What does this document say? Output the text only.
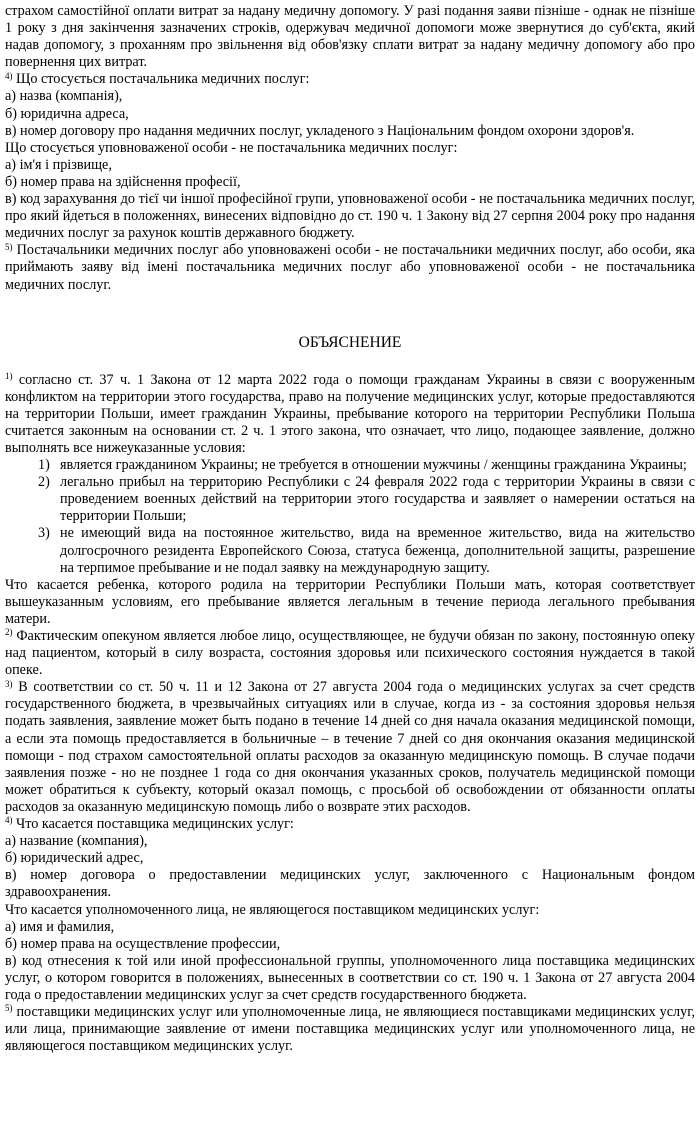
страхом самостійної оплати витрат за надану медичну допомогу. У разі подання заяви пізніше - однак не пізніше 1 року з дня закінчення зазначених строків, одержувач медичної допомоги може звернутися до суб'єкта, який надав допомогу, з проханням про звільнення від обов'язку сплати витрат за надану медичну допомогу або про повернення цих витрат.

$^{4)}$ Що стосується постачальника медичних послуг:

а) назва (компанія),

б) юридична адреса,

в) номер договору про надання медичних послуг, укладеного з Національним фондом охорони здоров'я.

Що стосується уповноваженої особи - не постачальника медичних послуг:

а) ім'я і прізвище,

б) номер права на здійснення професії,

в) код зарахування до тієї чи іншої професійної групи, уповноваженої особи - не постачальника медичних послуг, про який йдеться в положеннях, винесених відповідно до ст. 190 ч. 1 Закону від 27 серпня 2004 року про надання медичних послуг за рахунок коштів державного бюджету.

$^{5)}$ Постачальники медичних послуг або уповноважені особи - не постачальники медичних послуг, або особи, яка приймають заяву від імені постачальника медичних послуг або уповноваженої особи - не постачальника медичних послуг.

ОБЪЯСНЕНИЕ

$^{1)}$ согласно ст. 37 ч. 1 Закона от 12 марта 2022 года о помощи гражданам Украины в связи с вооруженным конфликтом на территории этого государства, право на получение медицинских услуг, которые предоставляются на территории Польши, имеет гражданин Украины, пребывание которого на территории Республики Польша считается законным на основании ст. 2 ч. 1 этого закона, что означает, что лицо, подающее заявление, должно выполнять все нижеуказанные условия:

1) является гражданином Украины; не требуется в отношении мужчины / женщины гражданина Украины;
2) легально прибыл на территорию Республики с 24 февраля 2022 года с территории Украины в связи с проведением военных действий на территории этого государства и заявляет о намерении остаться на территории Польши;
3) не имеющий вида на постоянное жительство, вида на временное жительство, вида на жительство долгосрочного резидента Европейского Союза, статуса беженца, дополнительной защиты, разрешение на терпимое пребывание и не подал заявку на международную защиту.

Что касается ребенка, которого родила на территории Республики Польши мать, которая соответствует вышеуказанным условиям, его пребывание является легальным в течение периода легального пребывания матери.

$^{2)}$ Фактическим опекуном является любое лицо, осуществляющее, не будучи обязан по закону, постоянную опеку над пациентом, который в силу возраста, состояния здоровья или психического состояния нуждается в такой опеке.

$^{3)}$ В соответствии со ст. 50 ч. 11 и 12 Закона от 27 августа 2004 года о медицинских услугах за счет средств государственного бюджета, в чрезвычайных ситуациях или в случае, когда из - за состояния здоровья нельзя подать заявления, заявление может быть подано в течение 14 дней со дня начала оказания медицинской помощи, а если эта помощь предоставляется в больничные – в течение 7 дней со дня окончания оказания медицинской помощи - под страхом самостоятельной оплаты расходов за оказанную медицинскую помощь. В случае подачи заявления позже - но не позднее 1 года со дня окончания указанных сроков, получатель медицинской помощи может обратиться к субъекту, который оказал помощь, с просьбой об освобождении от обязанности оплаты расходов за оказанную медицинскую помощь либо о возврате этих расходов.

$^{4)}$ Что касается поставщика медицинских услуг:

а) название (компания),

б) юридический адрес,

в) номер договора о предоставлении медицинских услуг, заключенного с Национальным фондом здравоохранения.

Что касается уполномоченного лица, не являющегося поставщиком медицинских услуг:

а) имя и фамилия,

б) номер права на осуществление профессии,

в) код отнесения к той или иной профессиональной группы, уполномоченного лица поставщика медицинских услуг, о котором говорится в положениях, вынесенных в соответствии со ст. 190 ч. 1 Закона от 27 августа 2004 года о предоставлении медицинских услуг за счет средств государственного бюджета.

$^{5)}$ поставщики медицинских услуг или уполномоченные лица, не являющиеся поставщиками медицинских услуг, или лица, принимающие заявление от имени поставщика медицинских услуг или уполномоченного лица, не являющегося поставщиком медицинских услуг.
